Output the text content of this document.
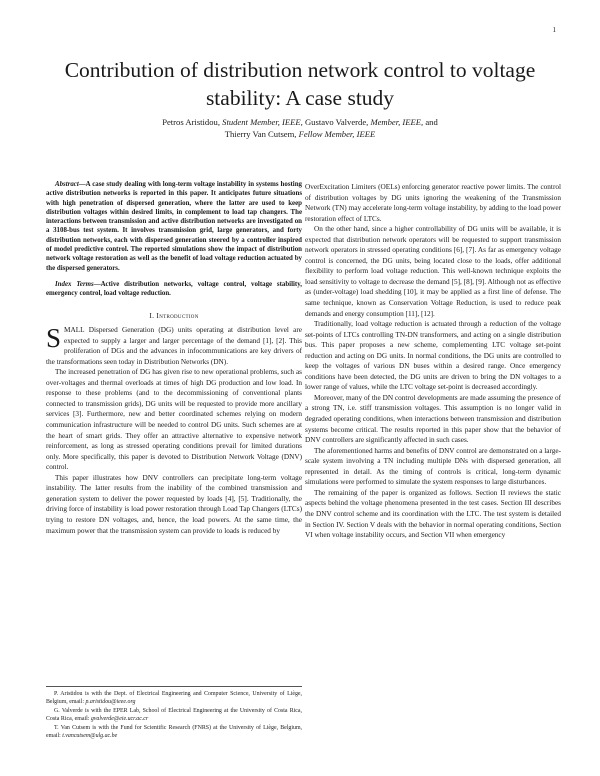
1
Contribution of distribution network control to voltage stability: A case study
Petros Aristidou, Student Member, IEEE, Gustavo Valverde, Member, IEEE, and
Thierry Van Cutsem, Fellow Member, IEEE

Abstract—A case study dealing with long-term voltage instability in systems hosting active distribution networks is reported in this paper. It anticipates future situations with high penetration of dispersed generation, where the latter are used to keep distribution voltages within desired limits, in complement to load tap changers. The interactions between transmission and active distribution networks are investigated on a 3108-bus test system. It involves transmission grid, large generators, and forty distribution networks, each with dispersed generation steered by a controller inspired of model predictive control. The reported simulations show the impact of distribution network voltage restoration as well as the benefit of load voltage reduction actuated by the dispersed generators.

Index Terms—Active distribution networks, voltage control, voltage stability, emergency control, load voltage reduction.

I. Introduction

SMALL Dispersed Generation (DG) units operating at distribution level are expected to supply a larger and larger percentage of the demand [1], [2]. This proliferation of DGs and the advances in infocommunications are key drivers of the transformations seen today in Distribution Networks (DN).

The increased penetration of DG has given rise to new operational problems, such as over-voltages and thermal overloads at times of high DG production and low load. In response to these problems (and to the decommissioning of conventional plants connected to transmission grids), DG units will be requested to provide more ancillary services [3]. Furthermore, new and better coordinated schemes relying on modern communication infrastructure will be needed to control DG units. Such schemes are at the heart of smart grids. They offer an attractive alternative to expensive network reinforcement, as long as stressed operating conditions prevail for limited durations only. More specifically, this paper is devoted to Distribution Network Voltage (DNV) control.

This paper illustrates how DNV controllers can precipitate long-term voltage instability. The latter results from the inability of the combined transmission and generation system to deliver the power requested by loads [4], [5]. Traditionally, the driving force of instability is load power restoration through Load Tap Changers (LTCs) trying to restore DN voltages, and, hence, the load powers. At the same time, the maximum power that the transmission system can provide to loads is reduced by

OverExcitation Limiters (OELs) enforcing generator reactive power limits. The control of distribution voltages by DG units ignoring the weakening of the Transmission Network (TN) may accelerate long-term voltage instability, by adding to the load power restoration effect of LTCs.

On the other hand, since a higher controllability of DG units will be available, it is expected that distribution network operators will be requested to support transmission network operators in stressed operating conditions [6], [7]. As far as emergency voltage control is concerned, the DG units, being located close to the loads, offer additional flexibility to perform load voltage reduction. This well-known technique exploits the load sensitivity to voltage to decrease the demand [5], [8], [9]. Although not as effective as (under-voltage) load shedding [10], it may be applied as a first line of defense. The same technique, known as Conservation Voltage Reduction, is used to reduce peak demands and energy consumption [11], [12].

Traditionally, load voltage reduction is actuated through a reduction of the voltage set-points of LTCs controlling TN-DN transformers, and acting on a single distribution bus. This paper proposes a new scheme, complementing LTC voltage set-point reduction and acting on DG units. In normal conditions, the DG units are controlled to keep the voltages of various DN buses within a desired range. Once emergency conditions have been detected, the DG units are driven to bring the DN voltages to a lower range of values, while the LTC voltage set-point is decreased accordingly.

Moreover, many of the DN control developments are made assuming the presence of a strong TN, i.e. stiff transmission voltages. This assumption is no longer valid in degraded operating conditions, when interactions between transmission and distribution systems become critical. The results reported in this paper show that the behavior of DNV controllers are significantly affected in such cases.

The aforementioned harms and benefits of DNV control are demonstrated on a large-scale system involving a TN including multiple DNs with dispersed generation, all represented in detail. As the timing of controls is critical, long-term dynamic simulations were performed to simulate the system responses to large disturbances.

The remaining of the paper is organized as follows. Section II reviews the static aspects behind the voltage phenomena presented in the test cases. Section III describes the DNV control scheme and its coordination with the LTC. The test system is detailed in Section IV. Section V deals with the behavior in normal operating conditions, Section VI when voltage instability occurs, and Section VII when emergency

P. Aristidou is with the Dept. of Electrical Engineering and Computer Science, University of Liège, Belgium, email: p.aristidou@ieee.org
G. Valverde is with the EPER Lab, School of Electrical Engineering at the University of Costa Rica, Costa Rica, email: gvalverde@eie.ucr.ac.cr
T. Van Cutsem is with the Fund for Scientific Research (FNRS) at the University of Liège, Belgium, email: t.vancutsem@ulg.ac.be
